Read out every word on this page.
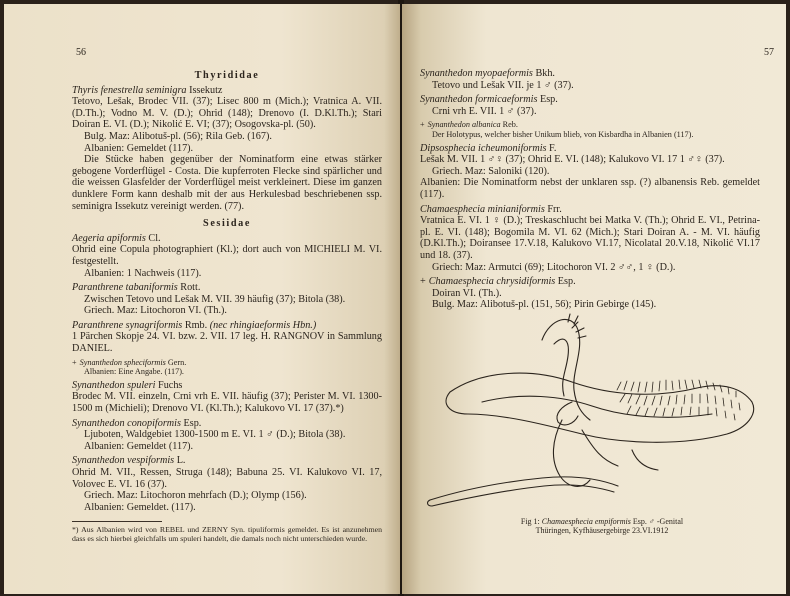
56
Thyrididae
Thyris fenestrella seminigra Issekutz
Tetovo, Lešak, Brodec VII. (37); Lisec 800 m (Mich.); Vratnica A. VII. (D.Th.); Vodno M. V. (D.); Ohrid (148); Drenovo (I. D.Kl.Th.); Stari Doiran E. VI. (D.); Nikolić E. VI; (37); Osogovska-pl. (50).
Bulg. Maz: Alibotuš-pl. (56); Rila Geb. (167).
Albanien: Gemeldet (117).
Die Stücke haben gegenüber der Nominatform eine etwas stärker gebogene Vorderflügel - Costa. Die kupferroten Flecke sind spärlicher und die weissen Glasfelder der Vorderflügel meist verkleinert. Diese im ganzen dunklere Form kann deshalb mit der aus Herkulesbad beschriebenen ssp. seminigra Issekutz vereinigt werden. (77).
Sesiidae
Aegeria apiformis Cl.
Ohrid eine Copula photographiert (Kl.); dort auch von MICHIELI M. VI. festgestellt.
Albanien: 1 Nachweis (117).
Paranthrene tabaniformis Rott.
Zwischen Tetovo und Lešak M. VII. 39 häufig (37); Bitola (38).
Griech. Maz: Litochoron VI. (Th.).
Paranthrene synagriformis Rmb. (nec rhingiaeformis Hbn.)
1 Pärchen Skopje 24. VI. bzw. 2. VII. 17 leg. H. RANGNOV in Sammlung DANIEL.
+ Synanthedon spheciformis Gern.
Albanien: Eine Angabe. (117).
Synanthedon spuleri Fuchs
Brodec M. VII. einzeln, Crni vrh E. VII. häufig (37); Perister M. VI. 1300-1500 m (Michieli); Drenovo VI. (Kl.Th.); Kalukovo VI. 17 (37).*)
Synanthedon conopiformis Esp.
Ljuboten, Waldgebiet 1300-1500 m E. VI. 1 ♂ (D.); Bitola (38).
Albanien: Gemeldet (117).
Synanthedon vespiformis L.
Ohrid M. VII., Ressen, Struga (148); Babuna 25. VI. Kalukovo VI. 17, Volovec E. VI. 16 (37).
Griech. Maz: Litochoron mehrfach (D.); Olymp (156).
Albanien: Gemeldet. (117).
*) Aus Albanien wird von REBEL und ZERNY Syn. tipuliformis gemeldet. Es ist anzunehmen dass es sich hierbei gleichfalls um spuleri handelt, die damals noch nicht unterschieden wurde.
57
Synanthedon myopaeformis Bkh.
Tetovo und Lešak VII. je 1 ♂ (37).
Synanthedon formicaeformis Esp.
Crni vrh E. VII. 1 ♂ (37).
+ Synanthedon albanica Reb.
Der Holotypus, welcher bisher Unikum blieb, von Kisbardha in Albanien (117).
Dipsosphecia icheumoniformis F.
Lešak M. VII. 1 ♂♀ (37); Ohrid E. VI. (148); Kalukovo VI. 17 1 ♂♀ (37).
Griech. Maz: Saloniki (120).
Albanien: Die Nominatform nebst der unklaren ssp. (?) albanensis Reb. gemeldet (117).
Chamaesphecia minianiformis Frr.
Vratnica E. VI. 1 ♀ (D.); Treskaschlucht bei Matka V. (Th.); Ohrid E. VI., Petrina-pl. E. VI. (148); Bogomila M. VI. 62 (Mich.); Stari Doiran A. - M. VI. häufig (D.Kl.Th.); Doiransee 17.V.18, Kalukovo VI.17, Nicolatal 20.V.18, Nikolić VI.17 und 18. (37).
Griech: Maz: Armutci (69); Litochoron VI. 2 ♂♂, 1 ♀ (D.).
+ Chamaesphecia chrysidiformis Esp.
Doiran VI. (Th.).
Bulg. Maz: Alibotuš-pl. (151, 56); Pirin Gebirge (145).
Fig 1: Chamaesphecia empiformis Esp. ♂ -Genital
Thüringen, Kyfhäusergebirge 23.VI.1912
